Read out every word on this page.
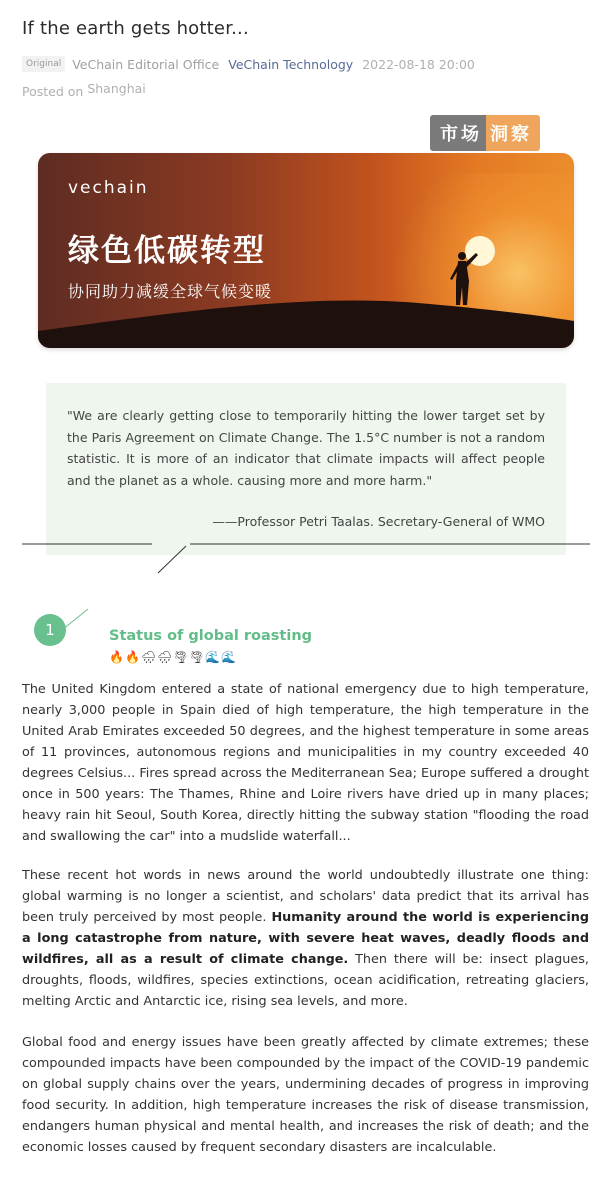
If the earth gets hotter...
Original VeChain Editorial Office VeChain Technology 2022-08-18 20:00
Posted on Shanghai
市场 洞察
vechain
绿色低碳转型
协同助力减缓全球气候变暖
"We are clearly getting close to temporarily hitting the lower target set by the Paris Agreement on Climate Change. The 1.5°C number is not a random statistic. It is more of an indicator that climate impacts will affect people and the planet as a whole. causing more and more harm."
——Professor Petri Taalas. Secretary-General of WMO
1	Status of global roasting
🔥 🔥 🌧 🌧 🌪 🌪 🌊 🌊
The United Kingdom entered a state of national emergency due to high temperature, nearly 3,000 people in Spain died of high temperature, the high temperature in the United Arab Emirates exceeded 50 degrees, and the highest temperature in some areas of 11 provinces, autonomous regions and municipalities in my country exceeded 40 degrees Celsius... Fires spread across the Mediterranean Sea; Europe suffered a drought once in 500 years: The Thames, Rhine and Loire rivers have dried up in many places; heavy rain hit Seoul, South Korea, directly hitting the subway station "flooding the road and swallowing the car" into a mudslide waterfall...
These recent hot words in news around the world undoubtedly illustrate one thing: global warming is no longer a scientist, and scholars' data predict that its arrival has been truly perceived by most people. Humanity around the world is experiencing a long catastrophe from nature, with severe heat waves, deadly floods and wildfires, all as a result of climate change. Then there will be: insect plagues, droughts, floods, wildfires, species extinctions, ocean acidification, retreating glaciers, melting Arctic and Antarctic ice, rising sea levels, and more.
Global food and energy issues have been greatly affected by climate extremes; these compounded impacts have been compounded by the impact of the COVID-19 pandemic on global supply chains over the years, undermining decades of progress in improving food security. In addition, high temperature increases the risk of disease transmission, endangers human physical and mental health, and increases the risk of death; and the economic losses caused by frequent secondary disasters are incalculable.
